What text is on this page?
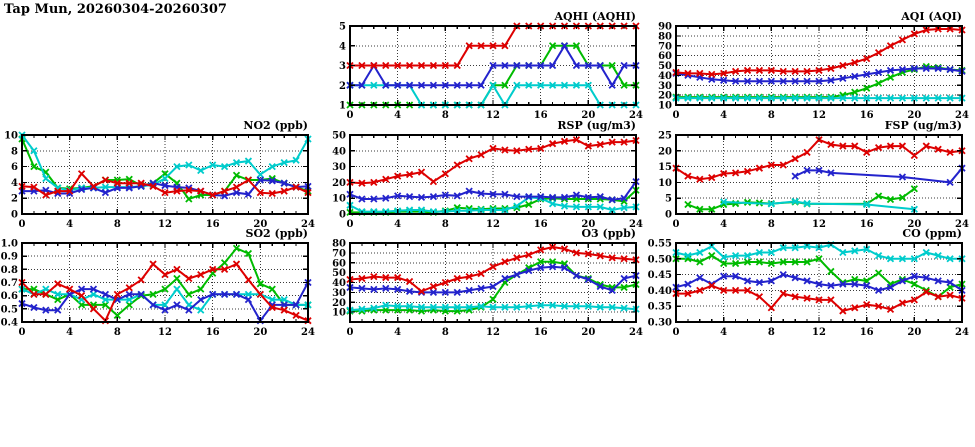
Tap Mun, 20260304-20260307
1
2
3
4
5
0	4	8	12	16	20	24
AQHI (AQHI)
10
20
30
40
50
60
70
80
90
0	4	8	12	16	20	24
AQI (AQI)
0
2
4
6
8
10
0	4	8	12	16	20	24
NO2 (ppb)
0
10
20
30
40
50
0	4	8	12	16	20	24
RSP (ug/m3)
0
5
10
15
20
25
0	4	8	12	16	20	24
FSP (ug/m3)
0.4
0.5
0.6
0.7
0.8
0.9
1.0
0	4	8	12	16	20	24
SO2 (ppb)
10
20
30
40
50
60
70
80
0	4	8	12	16	20	24
O3 (ppb)
0.30
0.35
0.40
0.45
0.50
0.55
0	4	8	12	16	20	24
CO (ppm)
